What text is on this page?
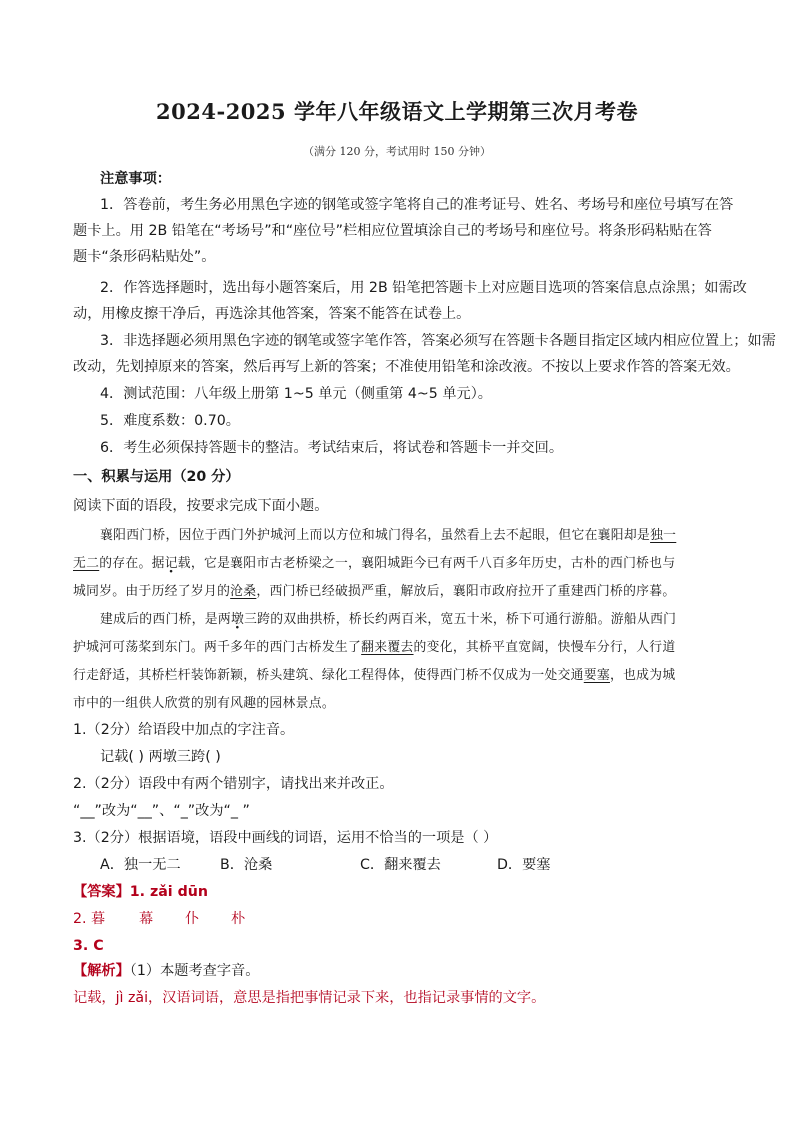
2024-2025 学年八年级语文上学期第三次月考卷
（满分 120 分，考试用时 150 分钟）
注意事项：
1．答卷前，考生务必用黑色字迹的钢笔或签字笔将自己的准考证号、姓名、考场号和座位号填写在答
题卡上。用 2B 铅笔在“考场号”和“座位号”栏相应位置填涂自己的考场号和座位号。将条形码粘贴在答
题卡“条形码粘贴处”。
2．作答选择题时，选出每小题答案后，用 2B 铅笔把答题卡上对应题目选项的答案信息点涂黑；如需改
动，用橡皮擦干净后，再选涂其他答案，答案不能答在试卷上。
3．非选择题必须用黑色字迹的钢笔或签字笔作答，答案必须写在答题卡各题目指定区域内相应位置上；如需
改动，先划掉原来的答案，然后再写上新的答案；不准使用铅笔和涂改液。不按以上要求作答的答案无效。
4．测试范围：八年级上册第 1~5 单元（侧重第 4~5 单元）。
5．难度系数：0.70。
6．考生必须保持答题卡的整洁。考试结束后，将试卷和答题卡一并交回。
一、积累与运用（20 分）
阅读下面的语段，按要求完成下面小题。
襄阳西门桥，因位于西门外护城河上而以方位和城门得名，虽然看上去不起眼，但它在襄阳却是独一
无二的存在。据记载，它是襄阳市古老桥梁之一，襄阳城距今已有两千八百多年历史，古朴的西门桥也与
城同岁。由于历经了岁月的沧桑，西门桥已经破损严重，解放后，襄阳市政府拉开了重建西门桥的序暮。
建成后的西门桥，是两墩三跨的双曲拱桥，桥长约两百米，宽五十米，桥下可通行游船。游船从西门
护城河可荡桨到东门。两千多年的西门古桥发生了翻来覆去的变化，其桥平直宽阔，快慢车分行，人行道
行走舒适，其桥栏杆装饰新颖，桥头建筑、绿化工程得体，使得西门桥不仅成为一处交通要塞，也成为城
市中的一组供人欣赏的别有风趣的园林景点。
1.（2分）给语段中加点的字注音。
记载( ) 两墩三跨( )
2.（2分）语段中有两个错别字，请找出来并改正。
“__”改为“__”、“_”改为“_ ”
3.（2分）根据语境，语段中画线的词语，运用不恰当的一项是（ ）
A．独一无二	B．沧桑	C．翻来覆去	D．要塞
【答案】1. zǎi dūn
2. 暮 幕 仆 朴
3. C
【解析】（1）本题考查字音。
记载，jì zǎi，汉语词语，意思是指把事情记录下来，也指记录事情的文字。
